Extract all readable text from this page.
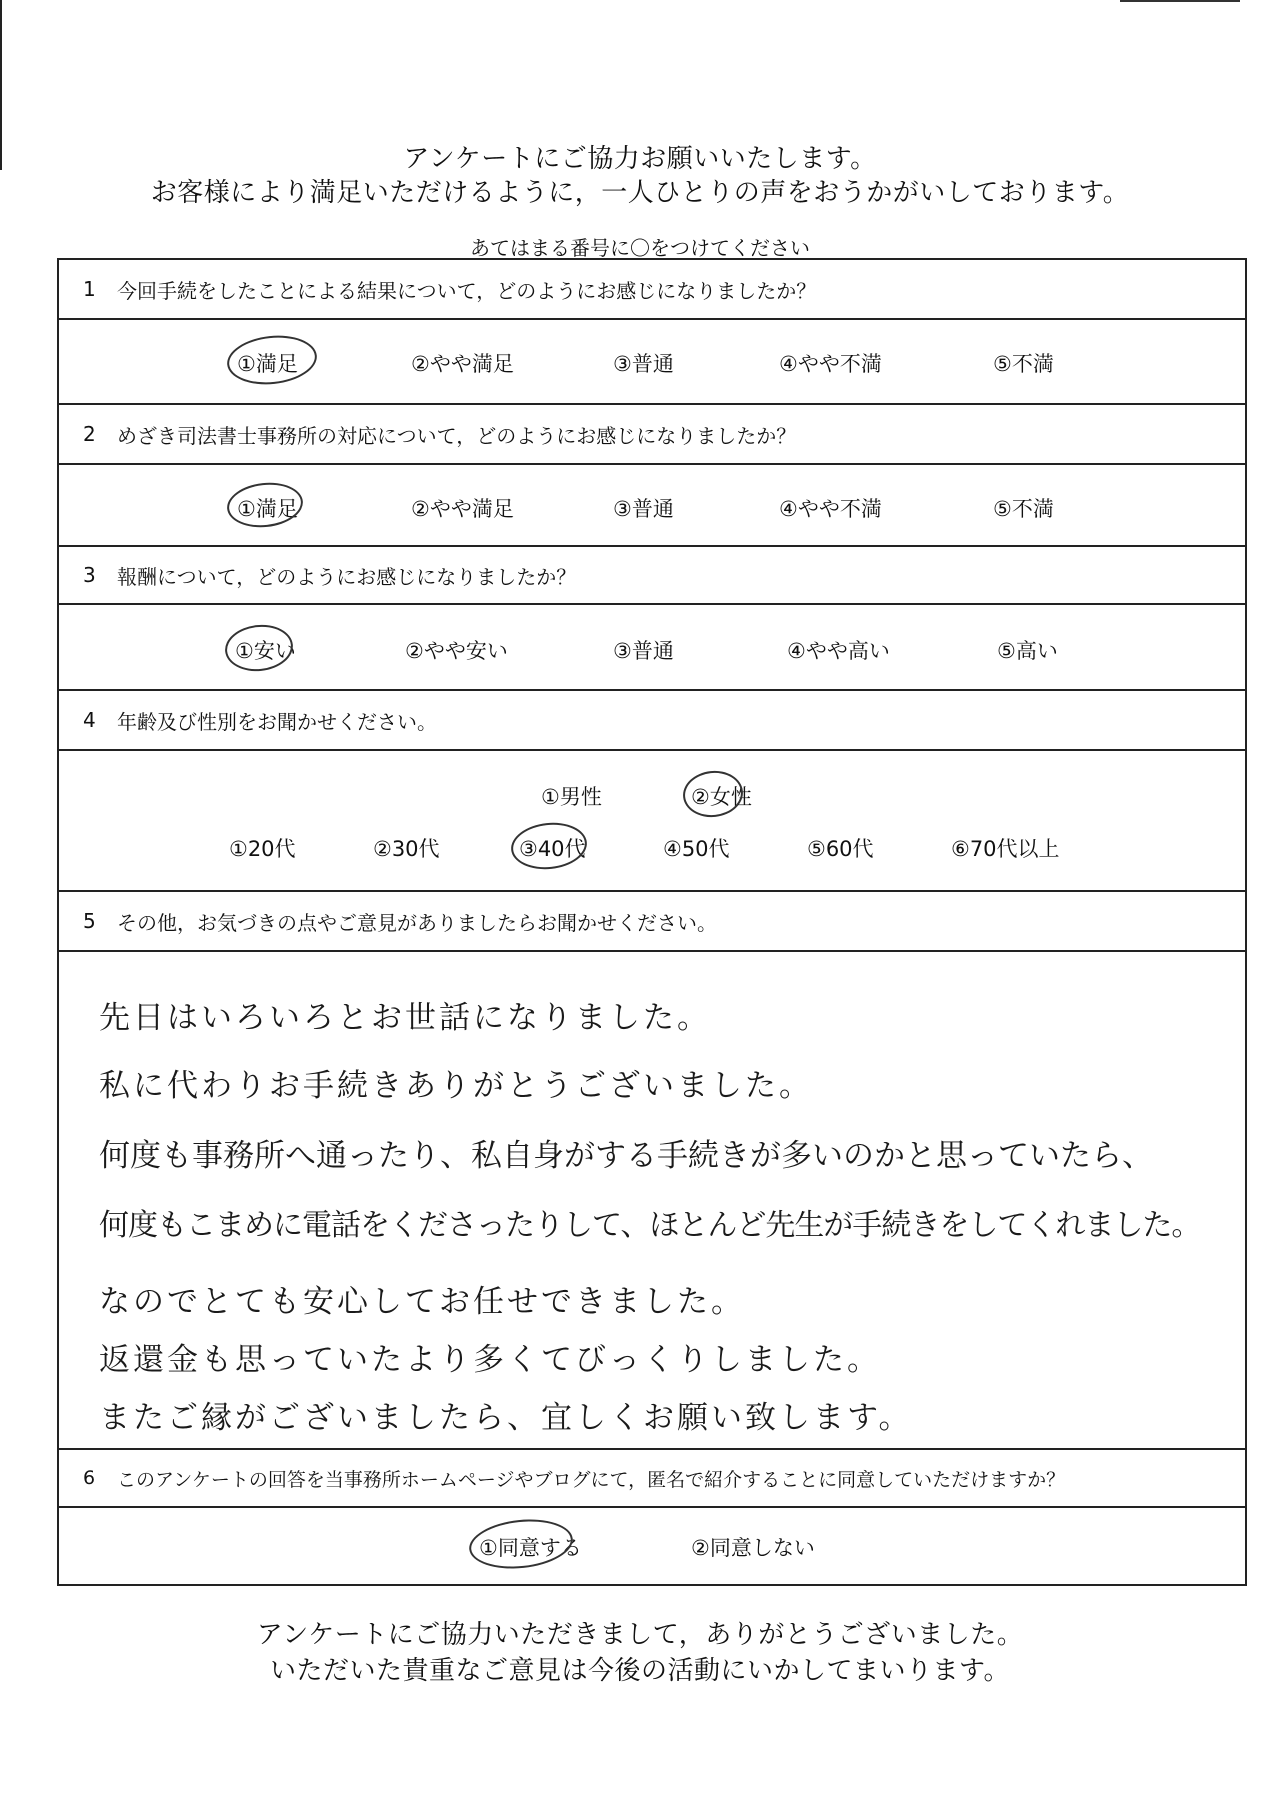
アンケートにご協力お願いいたします。
お客様により満足いただけるように，一人ひとりの声をおうかがいしております。
あてはまる番号に〇をつけてください
1	今回手続をしたことによる結果について，どのようにお感じになりましたか？
①満足	②やや満足	③普通	④やや不満	⑤不満
2	めざき司法書士事務所の対応について，どのようにお感じになりましたか？
①満足	②やや満足	③普通	④やや不満	⑤不満
3	報酬について，どのようにお感じになりましたか？
①安い	②やや安い	③普通	④やや高い	⑤高い
4	年齢及び性別をお聞かせください。
①男性	②女性
①20代	②30代	③40代	④50代	⑤60代	⑥70代以上
5	その他，お気づきの点やご意見がありましたらお聞かせください。
先日はいろいろとお世話になりました。
私に代わりお手続きありがとうございました。
何度も事務所へ通ったり、私自身がする手続きが多いのかと思っていたら、
何度もこまめに電話をくださったりして、ほとんど先生が手続きをしてくれました。
なのでとても安心してお任せできました。
返還金も思っていたより多くてびっくりしました。
またご縁がございましたら、宜しくお願い致します。
6	このアンケートの回答を当事務所ホームページやブログにて，匿名で紹介することに同意していただけますか？
①同意する	②同意しない
アンケートにご協力いただきまして，ありがとうございました。
いただいた貴重なご意見は今後の活動にいかしてまいります。
